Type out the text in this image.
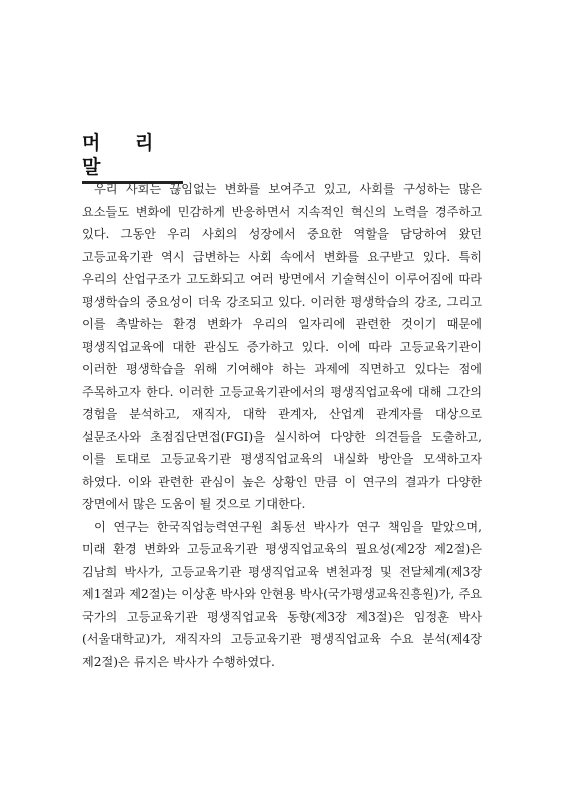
머 리 말

우리 사회는 끊임없는 변화를 보여주고 있고, 사회를 구성하는 많은 요소들도 변화에 민감하게 반응하면서 지속적인 혁신의 노력을 경주하고 있다. 그동안 우리 사회의 성장에서 중요한 역할을 담당하여 왔던 고등교육기관 역시 급변하는 사회 속에서 변화를 요구받고 있다. 특히 우리의 산업구조가 고도화되고 여러 방면에서 기술혁신이 이루어짐에 따라 평생학습의 중요성이 더욱 강조되고 있다. 이러한 평생학습의 강조, 그리고 이를 촉발하는 환경 변화가 우리의 일자리에 관련한 것이기 때문에 평생직업교육에 대한 관심도 증가하고 있다. 이에 따라 고등교육기관이 이러한 평생학습을 위해 기여해야 하는 과제에 직면하고 있다는 점에 주목하고자 한다. 이러한 고등교육기관에서의 평생직업교육에 대해 그간의 경험을 분석하고, 재직자, 대학 관계자, 산업계 관계자를 대상으로 설문조사와 초점집단면접(FGI)을 실시하여 다양한 의견들을 도출하고, 이를 토대로 고등교육기관 평생직업교육의 내실화 방안을 모색하고자 하였다. 이와 관련한 관심이 높은 상황인 만큼 이 연구의 결과가 다양한 장면에서 많은 도움이 될 것으로 기대한다.

이 연구는 한국직업능력연구원 최동선 박사가 연구 책임을 맡았으며, 미래 환경 변화와 고등교육기관 평생직업교육의 필요성(제2장 제2절)은 김남희 박사가, 고등교육기관 평생직업교육 변천과정 및 전달체계(제3장 제1절과 제2절)는 이상훈 박사와 안현용 박사(국가평생교육진흥원)가, 주요 국가의 고등교육기관 평생직업교육 동향(제3장 제3절)은 임정훈 박사(서울대학교)가, 재직자의 고등교육기관 평생직업교육 수요 분석(제4장 제2절)은 류지은 박사가 수행하였다.
